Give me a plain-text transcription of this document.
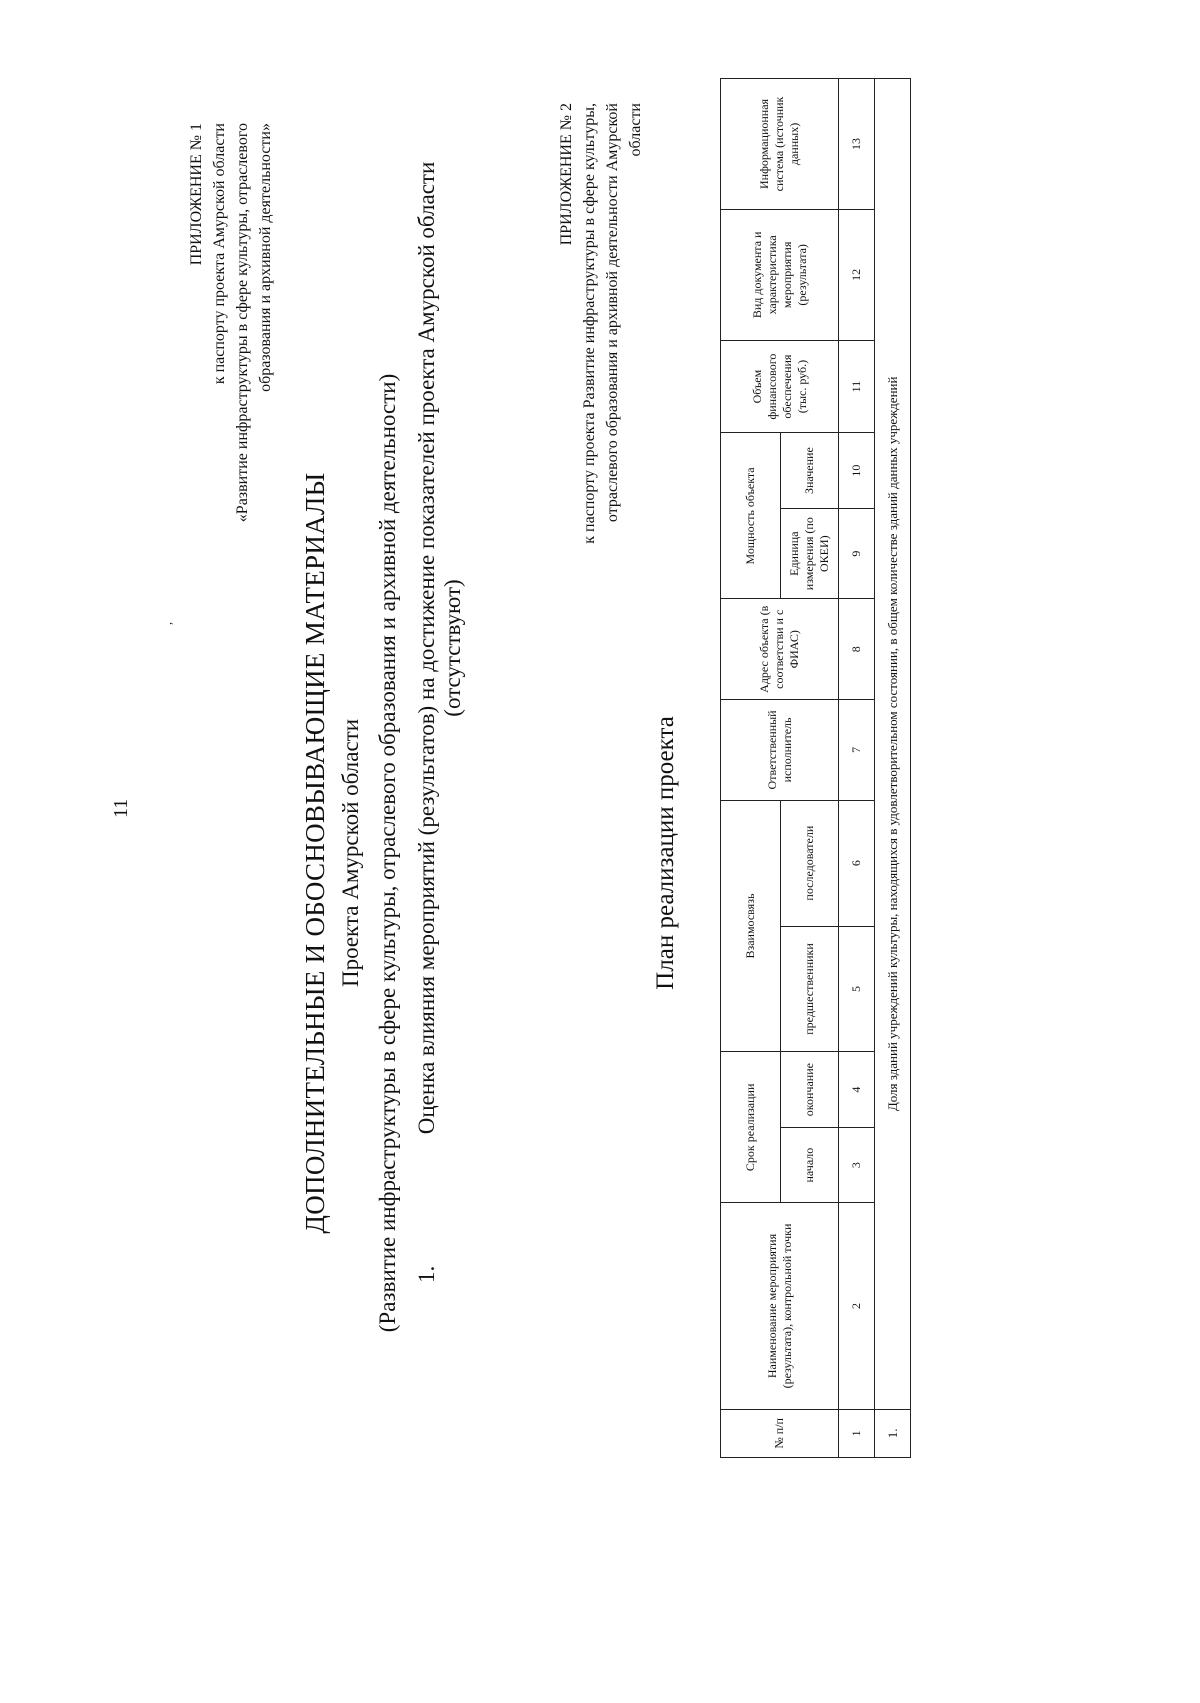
,
11
ПРИЛОЖЕНИЕ № 1 к паспорту проекта Амурской области «Развитие инфраструктуры в сфере культуры, отраслевого образования и архивной деятельности»
ДОПОЛНИТЕЛЬНЫЕ И ОБОСНОВЫВАЮЩИЕ МАТЕРИАЛЫ Проекта Амурской области (Развитие инфраструктуры в сфере культуры, отраслевого образования и архивной деятельности) 1.
Оценка влияния мероприятий (результатов) на достижение показателей проекта Амурской области (отсутствуют)
ПРИЛОЖЕНИЕ № 2 к паспорту проекта Развитие инфраструктуры в сфере культуры, отраслевого образования и архивной деятельности Амурской области
План реализации проекта
№ п/п	Наименование мероприятия (результата), контрольной точки	Срок реализации		Взаимосвязь		Ответственный исполнитель	Адрес объекта (в соответстви и с ФИАС)	Мощность объекта		Объем финансового обеспечения (тыс. руб.)	Вид документа и характеристика мероприятия (результата)	Информационная система (источник данных)
		начало	окончание	предшественники	последователи			Единица измерения (по ОКЕИ)	Значение			
1	2	3	4	5	6	7	8	9	10	11	12	13
1.	Доля зданий учреждений культуры, находящихся в удовлетворительном состоянии, в общем количестве зданий данных учреждений											
